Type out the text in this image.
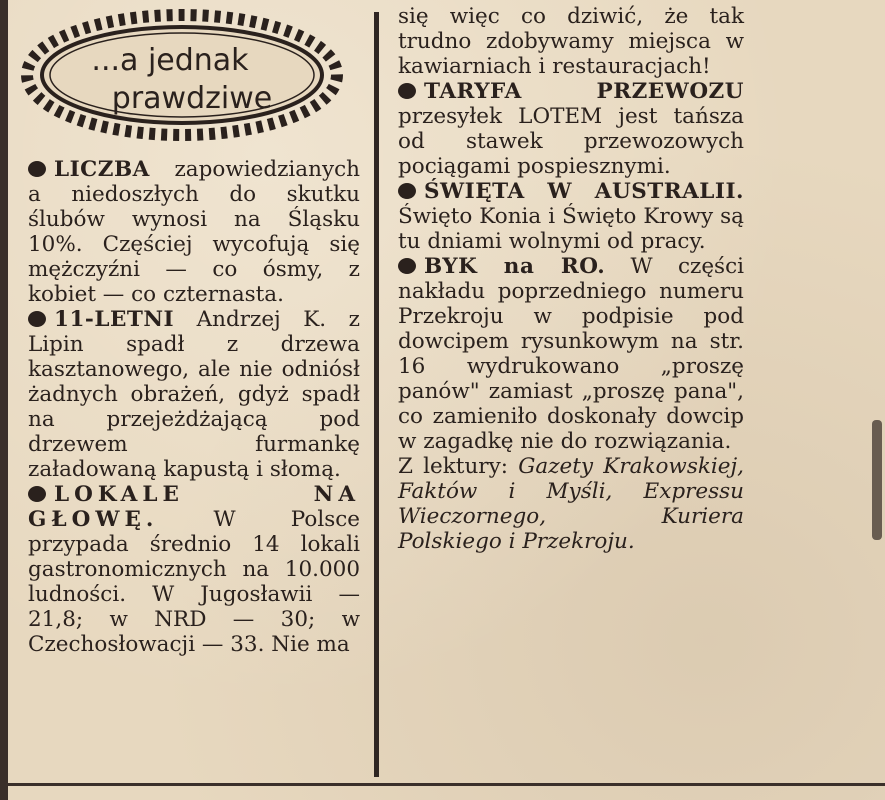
...a jednak
prawdziwe

LICZBA zapowiedzianych a niedoszłych do skutku ślubów wynosi na Śląsku 10%. Częściej wycofują się mężczyźni — co ósmy, z kobiet — co czternasta.

11-LETNI Andrzej K. z Lipin spadł z drzewa kasztanowego, ale nie odniósł żadnych obrażeń, gdyż spadł na przejeżdżającą pod drzewem furmankę załadowaną kapustą i słomą.

LOKALE NA GŁOWĘ.	W Polsce przypada średnio 14 lokali gastronomicznych na 10.000 ludności. W Jugosławii — 21,8; w NRD — 30; w Czechosłowacji — 33. Nie ma

się więc co dziwić, że tak trudno zdobywamy miejsca w kawiarniach i restauracjach!

TARYFA PRZEWOZU przesyłek LOTEM jest tańsza od stawek przewozowych pociągami pospiesznymi.

ŚWIĘTA W AUSTRALII. Święto Konia i Święto Krowy są tu dniami wolnymi od pracy.

BYK na RO. W części nakładu poprzedniego numeru Przekroju w podpisie pod dowcipem rysunkowym na str. 16 wydrukowano „proszę panów" zamiast „proszę pana", co zamieniło doskonały dowcip w zagadkę nie do rozwiązania.

Z lektury: Gazety Krakowskiej, Faktów i Myśli, Expressu Wieczornego, Kuriera Polskiego i Przekroju.
